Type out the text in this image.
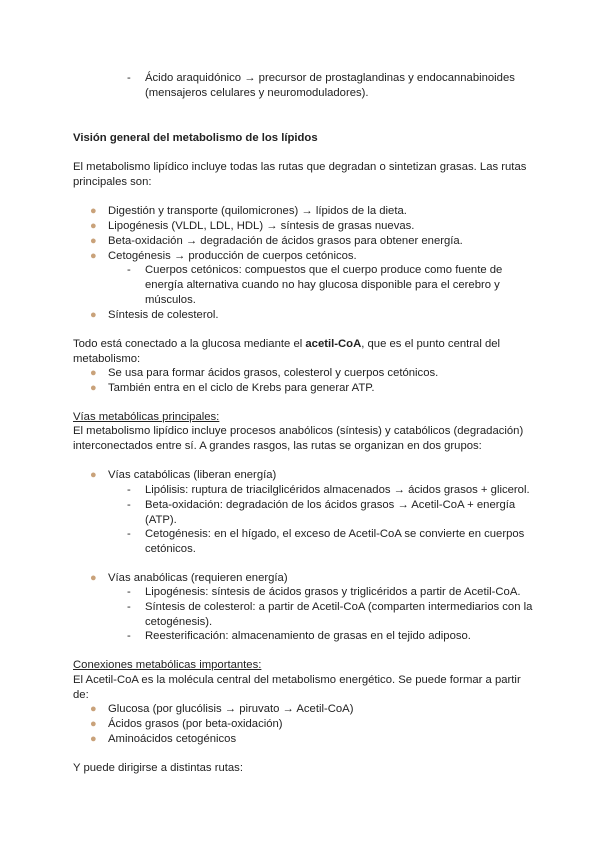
- Ácido araquidónico → precursor de prostaglandinas y endocannabinoides
(mensajeros celulares y neuromoduladores).
Visión general del metabolismo de los lípidos
El metabolismo lipídico incluye todas las rutas que degradan o sintetizan grasas. Las rutas
principales son:
● Digestión y transporte (quilomicrones) → lípidos de la dieta.
● Lipogénesis (VLDL, LDL, HDL) → síntesis de grasas nuevas.
● Beta-oxidación → degradación de ácidos grasos para obtener energía.
● Cetogénesis → producción de cuerpos cetónicos.
- Cuerpos cetónicos: compuestos que el cuerpo produce como fuente de
energía alternativa cuando no hay glucosa disponible para el cerebro y
músculos.
● Síntesis de colesterol.
Todo está conectado a la glucosa mediante el acetil-CoA, que es el punto central del
metabolismo:
● Se usa para formar ácidos grasos, colesterol y cuerpos cetónicos.
● También entra en el ciclo de Krebs para generar ATP.
Vías metabólicas principales:
El metabolismo lipídico incluye procesos anabólicos (síntesis) y catabólicos (degradación)
interconectados entre sí. A grandes rasgos, las rutas se organizan en dos grupos:
● Vías catabólicas (liberan energía)
- Lipólisis: ruptura de triacilglicéridos almacenados → ácidos grasos + glicerol.
- Beta-oxidación: degradación de los ácidos grasos → Acetil-CoA + energía
(ATP).
- Cetogénesis: en el hígado, el exceso de Acetil-CoA se convierte en cuerpos
cetónicos.
● Vías anabólicas (requieren energía)
- Lipogénesis: síntesis de ácidos grasos y triglicéridos a partir de Acetil-CoA.
- Síntesis de colesterol: a partir de Acetil-CoA (comparten intermediarios con la
cetogénesis).
- Reesterificación: almacenamiento de grasas en el tejido adiposo.
Conexiones metabólicas importantes:
El Acetil-CoA es la molécula central del metabolismo energético. Se puede formar a partir
de:
● Glucosa (por glucólisis → piruvato → Acetil-CoA)
● Ácidos grasos (por beta-oxidación)
● Aminoácidos cetogénicos
Y puede dirigirse a distintas rutas:
